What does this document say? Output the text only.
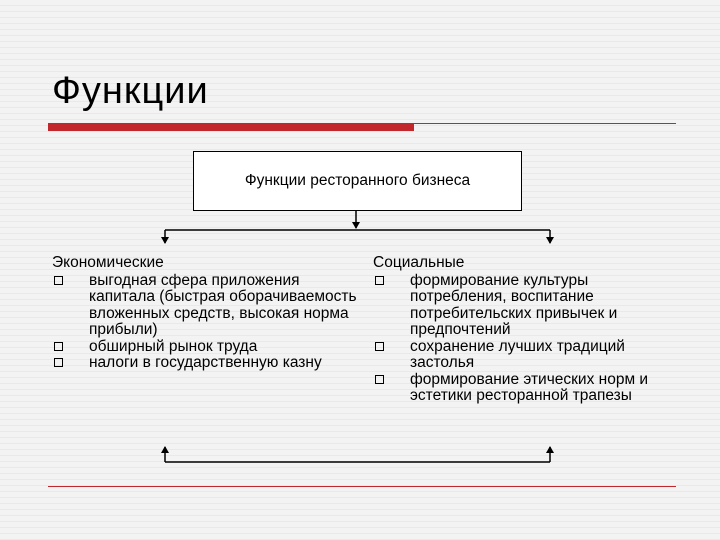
Функции
Функции ресторанного бизнеса
Экономические
выгодная сфера приложения капитала (быстрая оборачиваемость вложенных средств, высокая норма прибыли)
обширный рынок труда
налоги в государственную казну
Социальные
формирование культуры потребления, воспитание потребительских привычек и предпочтений
сохранение лучших традиций застолья
формирование этических норм и эстетики ресторанной трапезы
